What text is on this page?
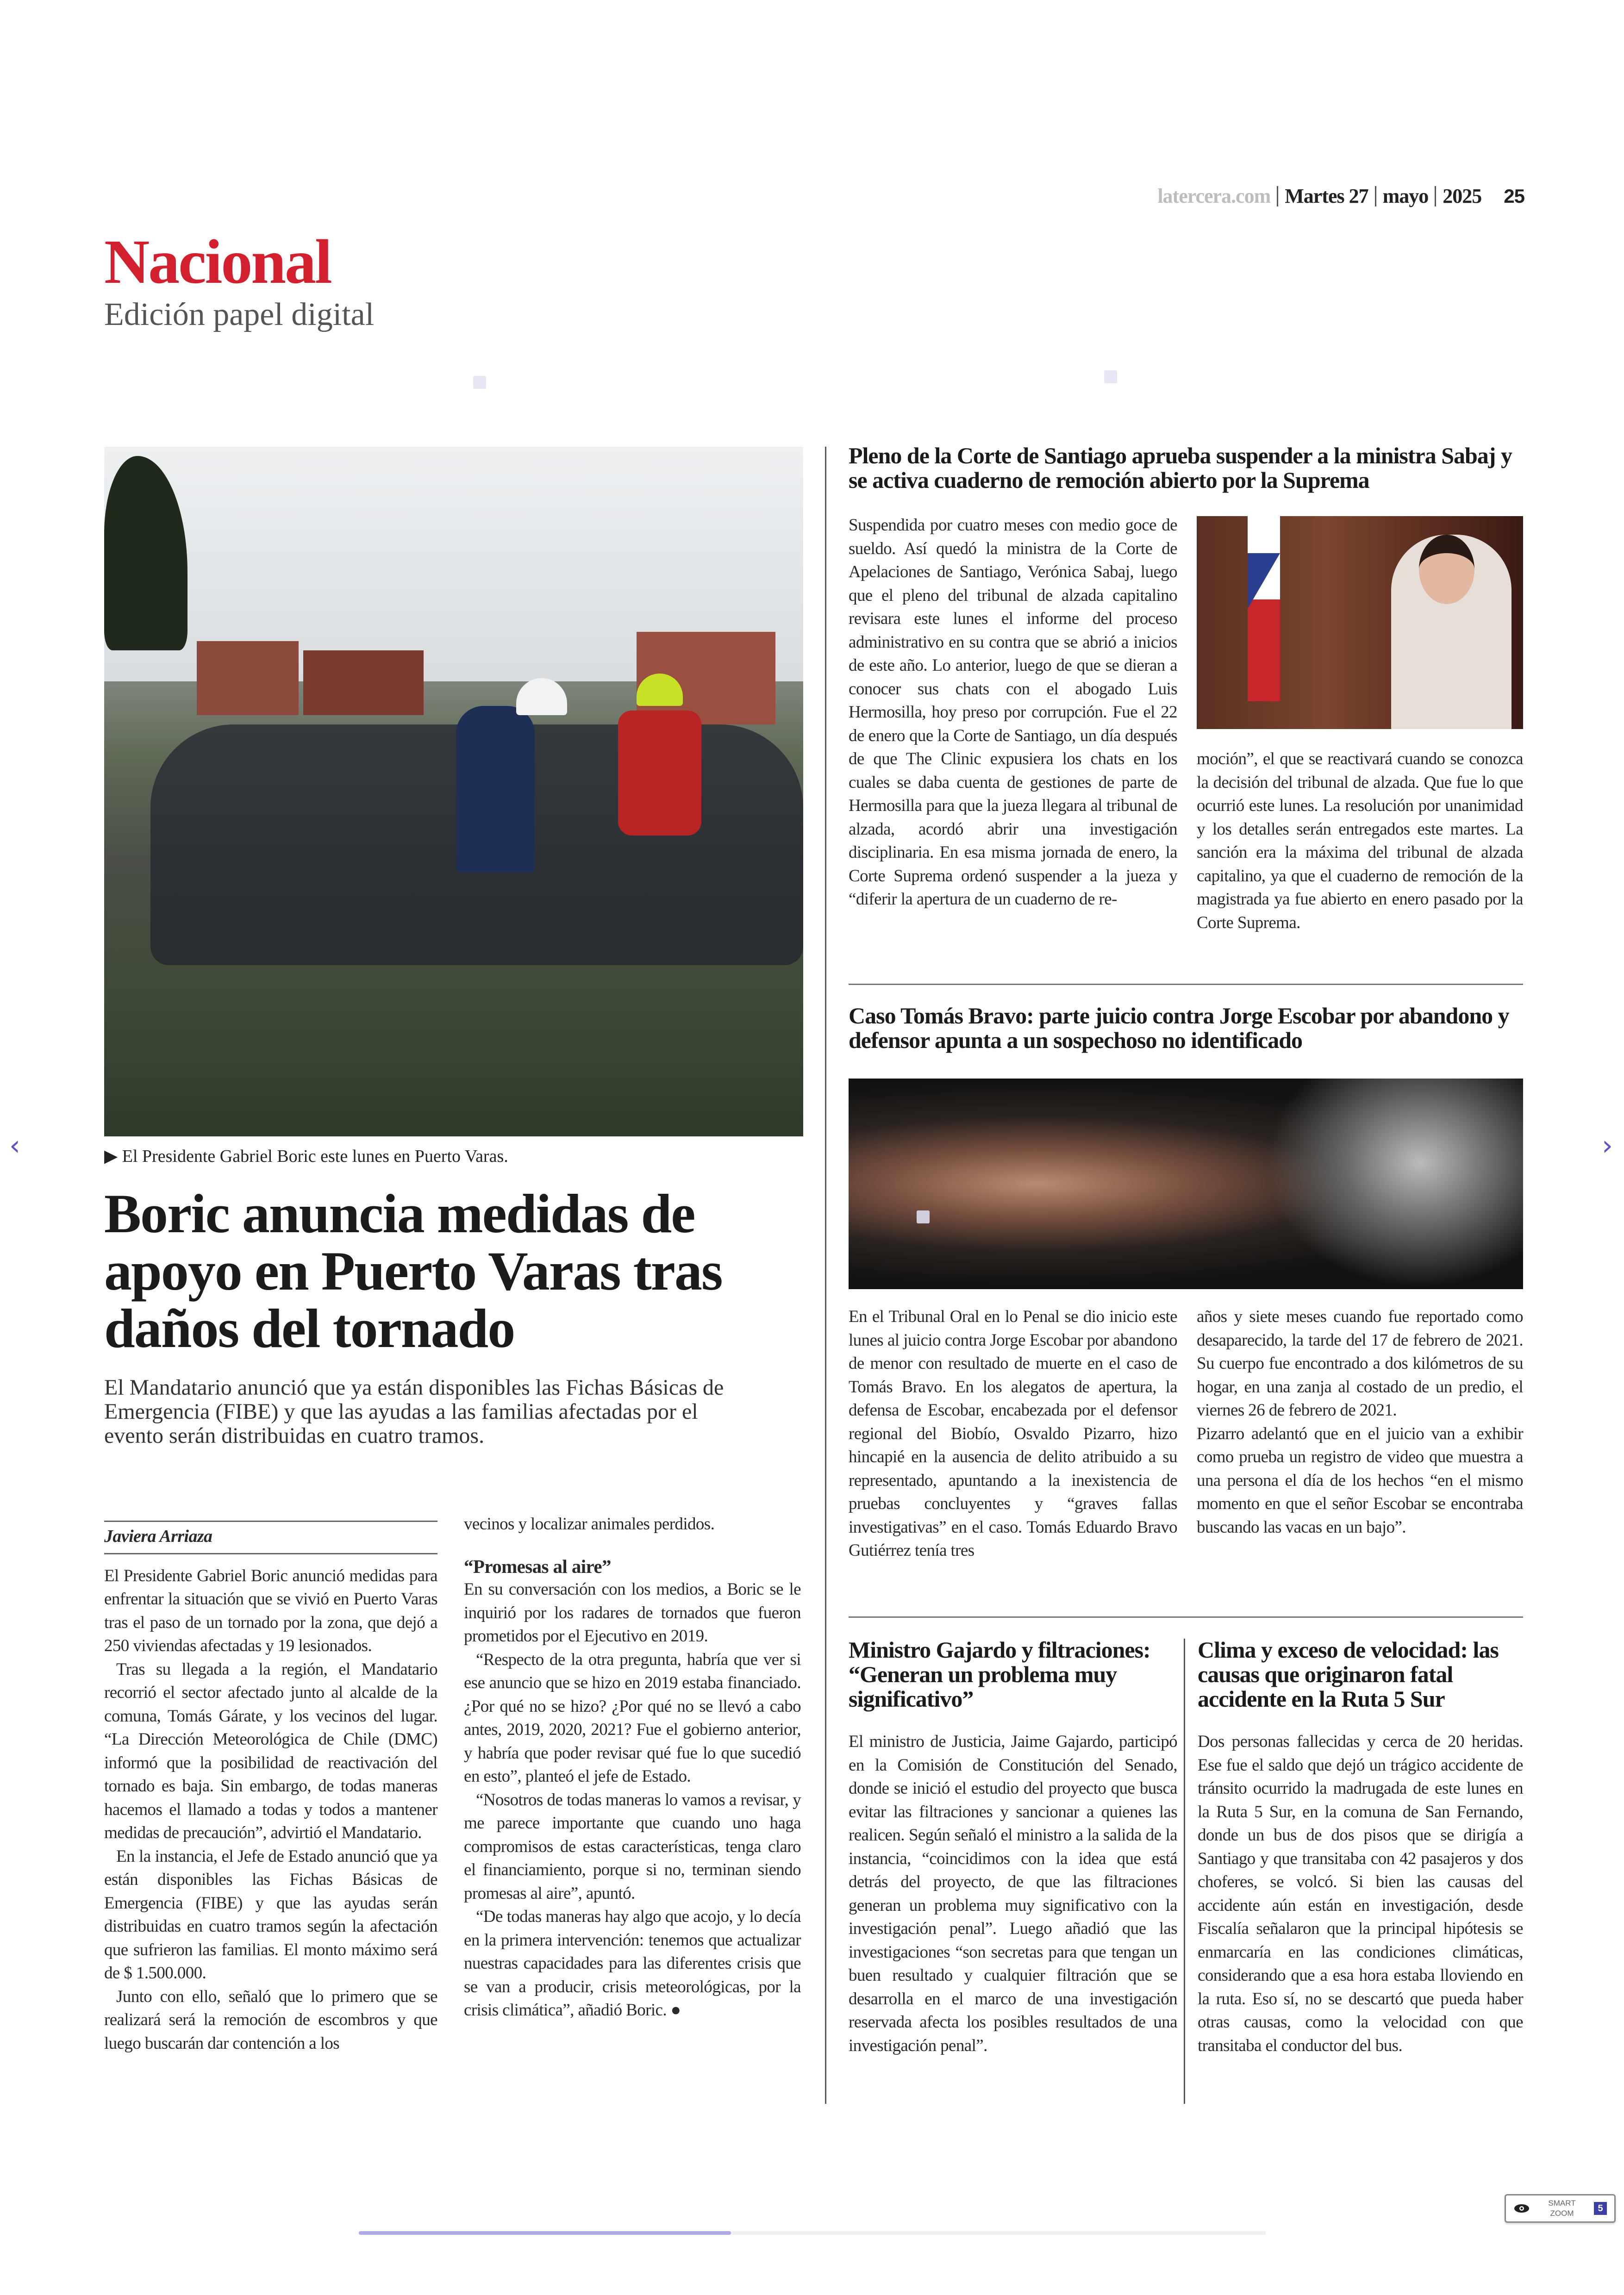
latercera.com Martes 27 mayo 2025 25
Nacional
Edición papel digital
▶ El Presidente Gabriel Boric este lunes en Puerto Varas.
Boric anuncia medidas de apoyo en Puerto Varas tras daños del tornado
El Mandatario anunció que ya están disponibles las Fichas Básicas de Emergencia (FIBE) y que las ayudas a las familias afectadas por el evento serán distribuidas en cuatro tramos.
Javiera Arriaza

El Presidente Gabriel Boric anunció medidas para enfrentar la situación que se vivió en Puerto Varas tras el paso de un tornado por la zona, que dejó a 250 viviendas afectadas y 19 lesionados.

Tras su llegada a la región, el Mandatario recorrió el sector afectado junto al alcalde de la comuna, Tomás Gárate, y los vecinos del lugar. “La Dirección Meteorológica de Chile (DMC) informó que la posibilidad de reactivación del tornado es baja. Sin embargo, de todas maneras hacemos el llamado a todas y todos a mantener medidas de precaución”, advirtió el Mandatario.

En la instancia, el Jefe de Estado anunció que ya están disponibles las Fichas Básicas de Emergencia (FIBE) y que las ayudas serán distribuidas en cuatro tramos según la afectación que sufrieron las familias. El monto máximo será de $ 1.500.000.

Junto con ello, señaló que lo primero que se realizará será la remoción de escombros y que luego buscarán dar contención a los

vecinos y localizar animales perdidos.

“Promesas al aire”

En su conversación con los medios, a Boric se le inquirió por los radares de tornados que fueron prometidos por el Ejecutivo en 2019.

“Respecto de la otra pregunta, habría que ver si ese anuncio que se hizo en 2019 estaba financiado. ¿Por qué no se hizo? ¿Por qué no se llevó a cabo antes, 2019, 2020, 2021? Fue el gobierno anterior, y habría que poder revisar qué fue lo que sucedió en esto”, planteó el jefe de Estado.

“Nosotros de todas maneras lo vamos a revisar, y me parece importante que cuando uno haga compromisos de estas características, tenga claro el financiamiento, porque si no, terminan siendo promesas al aire”, apuntó.

“De todas maneras hay algo que acojo, y lo decía en la primera intervención: tenemos que actualizar nuestras capacidades para las diferentes crisis que se van a producir, crisis meteorológicas, por la crisis climática”, añadió Boric. ●

Pleno de la Corte de Santiago aprueba suspender a la ministra Sabaj y se activa cuaderno de remoción abierto por la Suprema
Suspendida por cuatro meses con medio goce de sueldo. Así quedó la ministra de la Corte de Apelaciones de Santiago, Verónica Sabaj, luego que el pleno del tribunal de alzada capitalino revisara este lunes el informe del proceso administrativo en su contra que se abrió a inicios de este año. Lo anterior, luego de que se dieran a conocer sus chats con el abogado Luis Hermosilla, hoy preso por corrupción. Fue el 22 de enero que la Corte de Santiago, un día después de que The Clinic expusiera los chats en los cuales se daba cuenta de gestiones de parte de Hermosilla para que la jueza llegara al tribunal de alzada, acordó abrir una investigación disciplinaria. En esa misma jornada de enero, la Corte Suprema ordenó suspender a la jueza y “diferir la apertura de un cuaderno de re-
moción”, el que se reactivará cuando se conozca la decisión del tribunal de alzada. Que fue lo que ocurrió este lunes. La resolución por unanimidad y los detalles serán entregados este martes. La sanción era la máxima del tribunal de alzada capitalino, ya que el cuaderno de remoción de la magistrada ya fue abierto en enero pasado por la Corte Suprema.
Caso Tomás Bravo: parte juicio contra Jorge Escobar por abandono y defensor apunta a un sospechoso no identificado
En el Tribunal Oral en lo Penal se dio inicio este lunes al juicio contra Jorge Escobar por abandono de menor con resultado de muerte en el caso de Tomás Bravo. En los alegatos de apertura, la defensa de Escobar, encabezada por el defensor regional del Biobío, Osvaldo Pizarro, hizo hincapié en la ausencia de delito atribuido a su representado, apuntando a la inexistencia de pruebas concluyentes y “graves fallas investigativas” en el caso. Tomás Eduardo Bravo Gutiérrez tenía tres

años y siete meses cuando fue reportado como desaparecido, la tarde del 17 de febrero de 2021. Su cuerpo fue encontrado a dos kilómetros de su hogar, en una zanja al costado de un predio, el viernes 26 de febrero de 2021.

Pizarro adelantó que en el juicio van a exhibir como prueba un registro de video que muestra a una persona el día de los hechos “en el mismo momento en que el señor Escobar se encontraba buscando las vacas en un bajo”.

Ministro Gajardo y filtraciones: “Generan un problema muy significativo”
El ministro de Justicia, Jaime Gajardo, participó en la Comisión de Constitución del Senado, donde se inició el estudio del proyecto que busca evitar las filtraciones y sancionar a quienes las realicen. Según señaló el ministro a la salida de la instancia, “coincidimos con la idea que está detrás del proyecto, de que las filtraciones generan un problema muy significativo con la investigación penal”. Luego añadió que las investigaciones “son secretas para que tengan un buen resultado y cualquier filtración que se desarrolla en el marco de una investigación reservada afecta los posibles resultados de una investigación penal”.
Clima y exceso de velocidad: las causas que originaron fatal accidente en la Ruta 5 Sur
Dos personas fallecidas y cerca de 20 heridas. Ese fue el saldo que dejó un trágico accidente de tránsito ocurrido la madrugada de este lunes en la Ruta 5 Sur, en la comuna de San Fernando, donde un bus de dos pisos que se dirigía a Santiago y que transitaba con 42 pasajeros y dos choferes, se volcó. Si bien las causas del accidente aún están en investigación, desde Fiscalía señalaron que la principal hipótesis se enmarcaría en las condiciones climáticas, considerando que a esa hora estaba lloviendo en la ruta. Eso sí, no se descartó que pueda haber otras causas, como la velocidad con que transitaba el conductor del bus.
‹	›
SMART ZOOM	5
